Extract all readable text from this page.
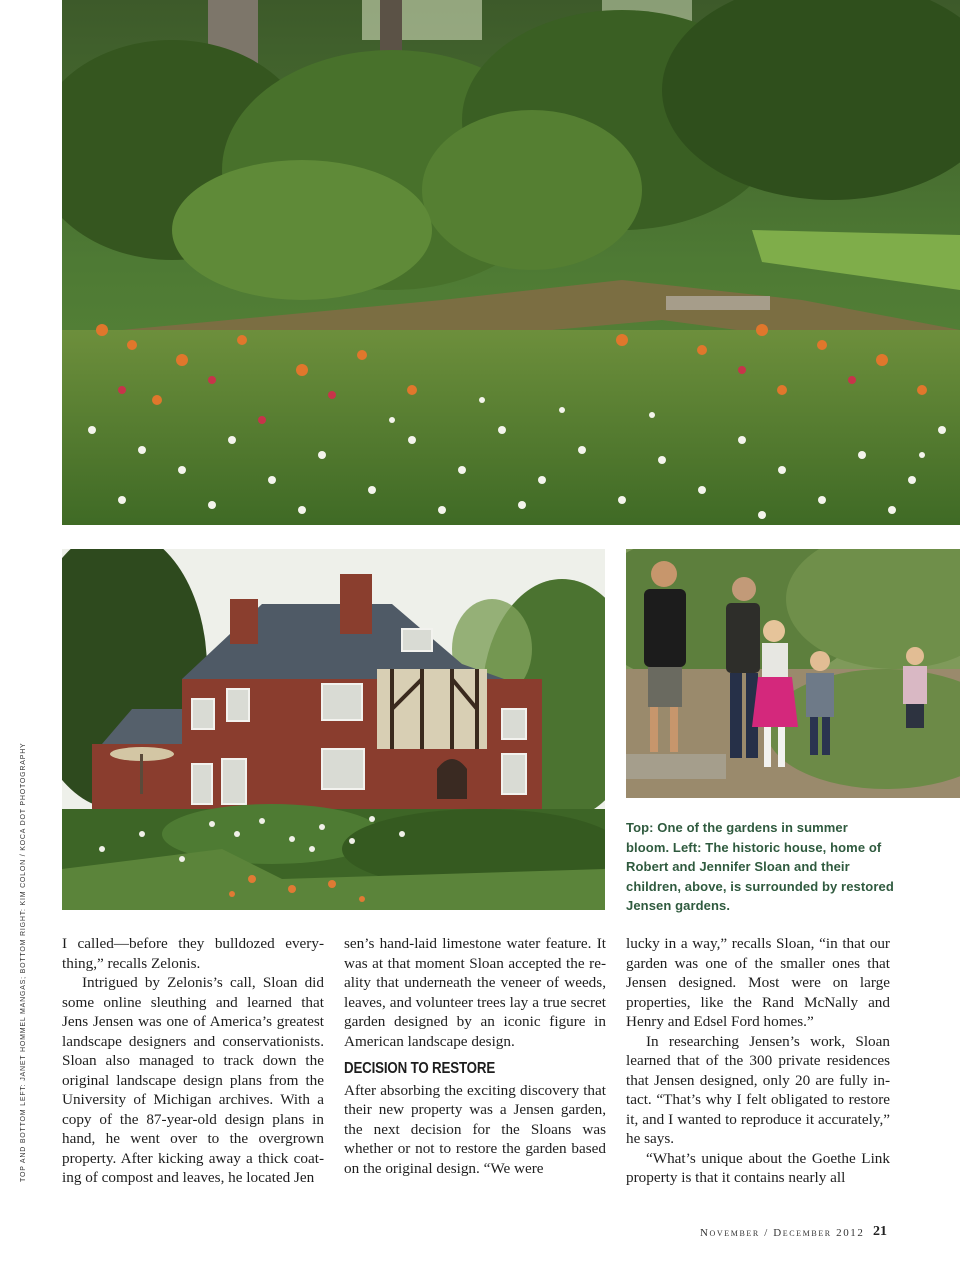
Top: One of the gardens in summer bloom. Left: The historic house, home of Robert and Jennifer Sloan and their children, above, is surrounded by restored Jensen gardens.
TOP AND BOTTOM LEFT: JANET HOMMEL MANGAS; BOTTOM RIGHT: KIM COLON / KOCA DOT PHOTOGRAPHY I called—before they bulldozed everything,” recalls Zelonis.

Intrigued by Zelonis’s call, Sloan did some online sleuthing and learned that Jens Jensen was one of America’s greatest landscape designers and conservationists. Sloan also managed to track down the original landscape design plans from the University of Michigan archives. With a copy of the 87-year-old design plans in hand, he went over to the overgrown property. After kicking away a thick coating of compost and leaves, he located Jen

sen’s hand-laid limestone water feature. It was at that moment Sloan accepted the reality that underneath the veneer of weeds, leaves, and volunteer trees lay a true secret garden designed by an iconic figure in American landscape design.

DECISION TO RESTORE

After absorbing the exciting discovery that their new property was a Jensen garden, the next decision for the Sloans was whether or not to restore the garden based on the original design. “We were

lucky in a way,” recalls Sloan, “in that our garden was one of the smaller ones that Jensen designed. Most were on large properties, like the Rand McNally and Henry and Edsel Ford homes.”

In researching Jensen’s work, Sloan learned that of the 300 private residences that Jensen designed, only 20 are fully intact. “That’s why I felt obligated to restore it, and I wanted to reproduce it accurately,” he says.

“What’s unique about the Goethe Link property is that it contains nearly all

November / December 2012 21
